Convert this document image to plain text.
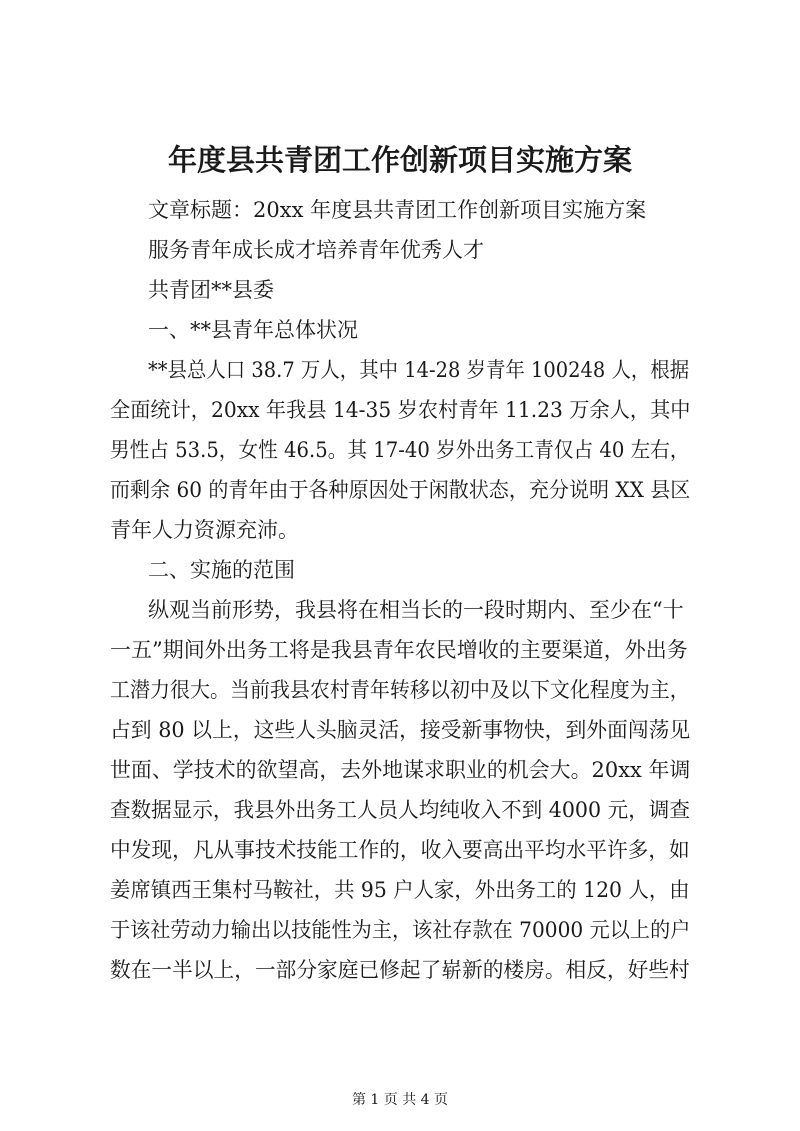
年度县共青团工作创新项目实施方案

文章标题：20xx 年度县共青团工作创新项目实施方案

服务青年成长成才培养青年优秀人才

共青团**县委

一、**县青年总体状况

**县总人口 38.7 万人，其中 14-28 岁青年 100248 人，根据

全面统计，20xx 年我县 14-35 岁农村青年 11.23 万余人，其中

男性占 53.5，女性 46.5。其 17-40 岁外出务工青仅占 40 左右，

而剩余 60 的青年由于各种原因处于闲散状态，充分说明 XX 县区

青年人力资源充沛。

二、实施的范围

纵观当前形势，我县将在相当长的一段时期内、至少在“十

一五”期间外出务工将是我县青年农民增收的主要渠道，外出务

工潜力很大。当前我县农村青年转移以初中及以下文化程度为主，

占到 80 以上，这些人头脑灵活，接受新事物快，到外面闯荡见

世面、学技术的欲望高，去外地谋求职业的机会大。20xx 年调

查数据显示，我县外出务工人员人均纯收入不到 4000 元，调查

中发现，凡从事技术技能工作的，收入要高出平均水平许多，如

姜席镇西王集村马鞍社，共 95 户人家，外出务工的 120 人，由

于该社劳动力输出以技能性为主，该社存款在 70000 元以上的户

数在一半以上，一部分家庭已修起了崭新的楼房。相反，好些村

第 1 页 共 4 页
